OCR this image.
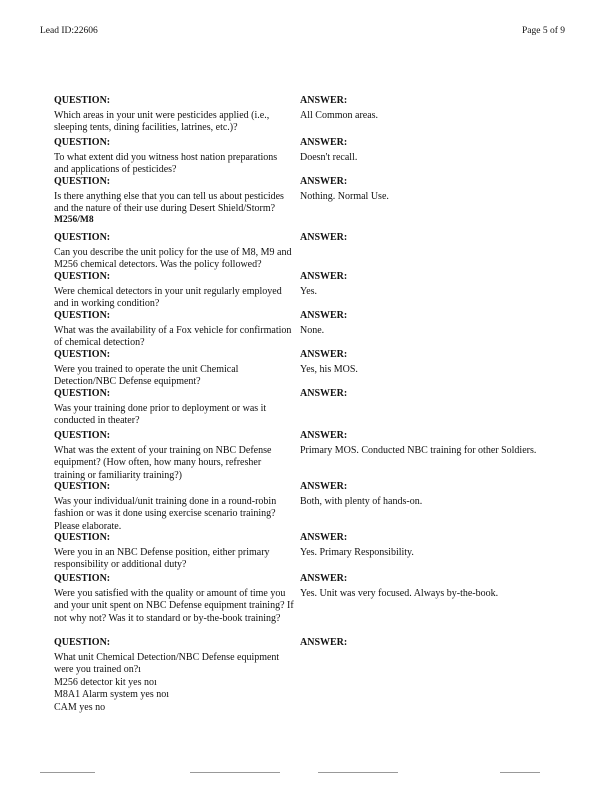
Lead ID:22606	Page 5 of 9
M256/M8
QUESTION:
Which areas in your unit were pesticides applied (i.e., sleeping tents, dining facilities, latrines, etc.)?
ANSWER:
All Common areas.
QUESTION:
To what extent did you witness host nation preparations and applications of pesticides?
ANSWER:
Doesn't recall.
QUESTION:
Is there anything else that you can tell us about pesticides and the nature of their use during Desert Shield/Storm?
ANSWER:
Nothing. Normal Use.
QUESTION:
Can you describe the unit policy for the use of M8, M9 and M256 chemical detectors. Was the policy followed?
ANSWER:
QUESTION:
Were chemical detectors in your unit regularly employed and in working condition?
ANSWER:
Yes.
QUESTION:
What was the availability of a Fox vehicle for confirmation of chemical detection?
ANSWER:
None.
QUESTION:
Were you trained to operate the unit Chemical Detection/NBC Defense equipment?
ANSWER:
Yes, his MOS.
QUESTION:
Was your training done prior to deployment or was it conducted in theater?
ANSWER:
QUESTION:
What was the extent of your training on NBC Defense equipment? (How often, how many hours, refresher training or familiarity training?)
ANSWER:
Primary MOS. Conducted NBC training for other Soldiers.
QUESTION:
Was your individual/unit training done in a round-robin fashion or was it done using exercise scenario training? Please elaborate.
ANSWER:
Both, with plenty of hands-on.
QUESTION:
Were you in an NBC Defense position, either primary responsibility or additional duty?
ANSWER:
Yes. Primary Responsibility.
QUESTION:
Were you satisfied with the quality or amount of time you and your unit spent on NBC Defense equipment training? If not why not? Was it to standard or by-the-book training?
ANSWER:
Yes. Unit was very focused. Always by-the-book.
QUESTION:
What unit Chemical Detection/NBC Defense equipment were you trained on?ı
M256 detector kit yes noı
M8A1 Alarm system yes noı
CAM yes no
ANSWER:
